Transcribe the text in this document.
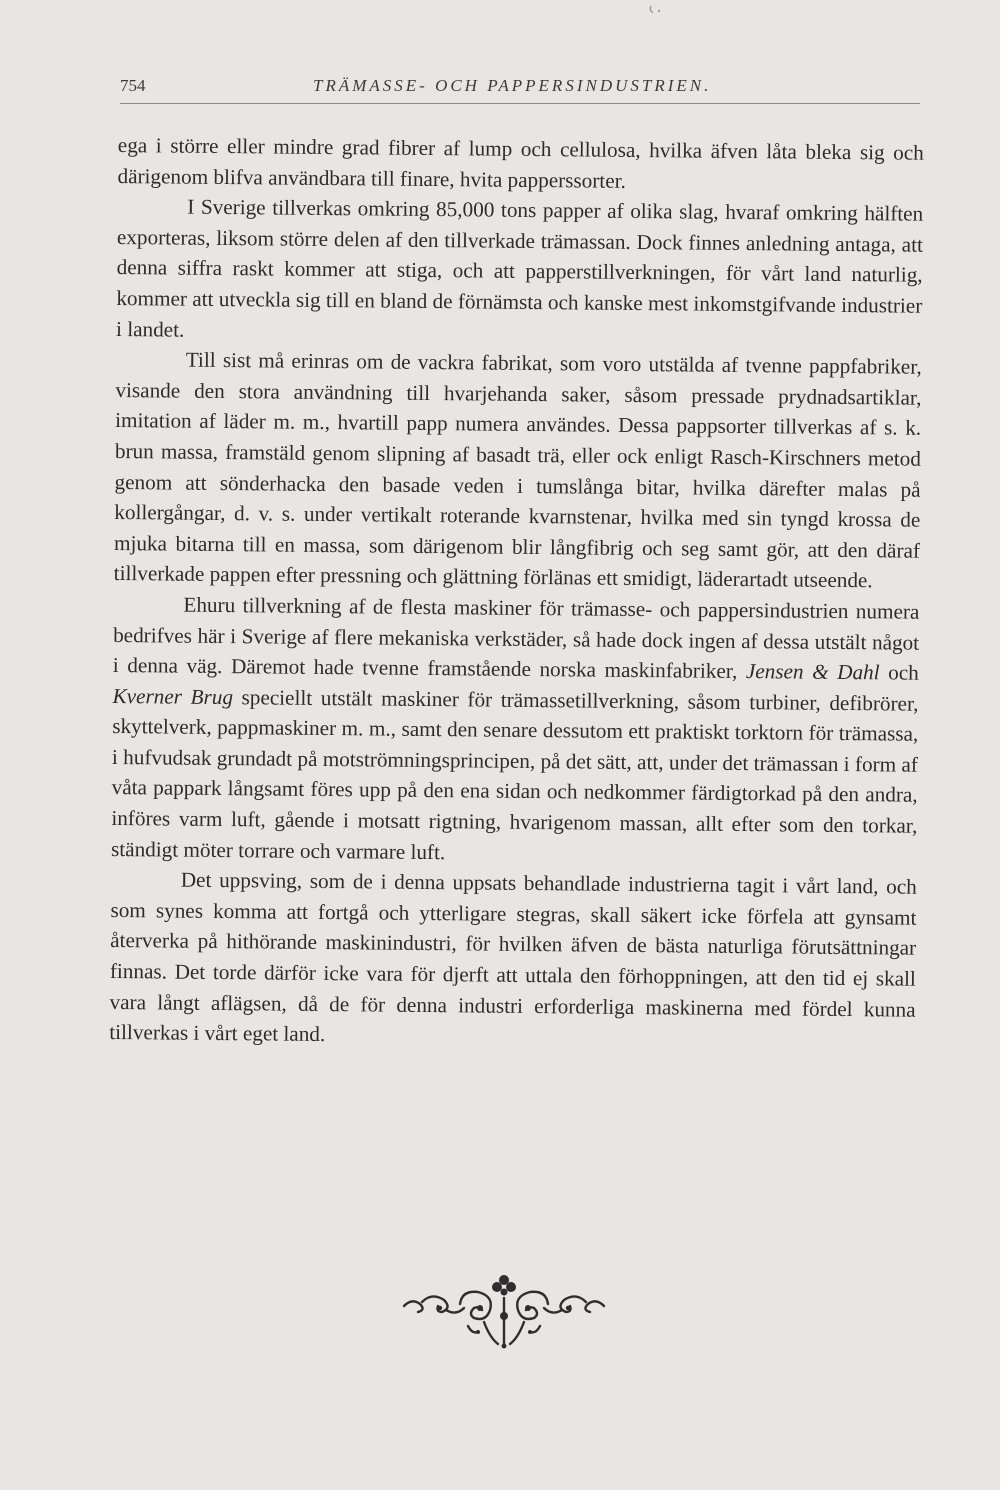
754	TRÄMASSE- OCH PAPPERSINDUSTRIEN.

ega i större eller mindre grad fibrer af lump och cellulosa, hvilka äfven låta bleka sig och därigenom blifva användbara till finare, hvita papperssorter.

I Sverige tillverkas omkring 85,000 tons papper af olika slag, hvaraf omkring hälften exporteras, liksom större delen af den tillverkade trämassan. Dock finnes anledning antaga, att denna siffra raskt kommer att stiga, och att papperstillverkningen, för vårt land naturlig, kommer att utveckla sig till en bland de förnämsta och kanske mest inkomstgifvande industrier i landet.

Till sist må erinras om de vackra fabrikat, som voro utstälda af tvenne pappfabriker, visande den stora användning till hvarjehanda saker, såsom pressade prydnadsartiklar, imitation af läder m. m., hvartill papp numera användes. Dessa pappsorter tillverkas af s. k. brun massa, framstäld genom slipning af basadt trä, eller ock enligt Rasch-Kirschners metod genom att sönderhacka den basade veden i tumslånga bitar, hvilka därefter malas på kollergångar, d. v. s. under vertikalt roterande kvarnstenar, hvilka med sin tyngd krossa de mjuka bitarna till en massa, som därigenom blir långfibrig och seg samt gör, att den däraf tillverkade pappen efter pressning och glättning förlänas ett smidigt, läderartadt utseende.

Ehuru tillverkning af de flesta maskiner för trämasse- och pappersindustrien numera bedrifves här i Sverige af flere mekaniska verkstäder, så hade dock ingen af dessa utstält något i denna väg. Däremot hade tvenne framstående norska maskinfabriker, Jensen & Dahl och Kverner Brug speciellt utstält maskiner för trämassetillverkning, såsom turbiner, defibrörer, skyttelverk, pappmaskiner m. m., samt den senare dessutom ett praktiskt torktorn för trämassa, i hufvudsak grundadt på motströmningsprincipen, på det sätt, att, under det trämassan i form af våta pappark långsamt föres upp på den ena sidan och nedkommer färdigtorkad på den andra, införes varm luft, gående i motsatt rigtning, hvarigenom massan, allt efter som den torkar, ständigt möter torrare och varmare luft.

Det uppsving, som de i denna uppsats behandlade industrierna tagit i vårt land, och som synes komma att fortgå och ytterligare stegras, skall säkert icke förfela att gynsamt återverka på hithörande maskinindustri, för hvilken äfven de bästa naturliga förutsättningar finnas. Det torde därför icke vara för djerft att uttala den förhoppningen, att den tid ej skall vara långt aflägsen, då de för denna industri erforderliga maskinerna med fördel kunna tillverkas i vårt eget land.
